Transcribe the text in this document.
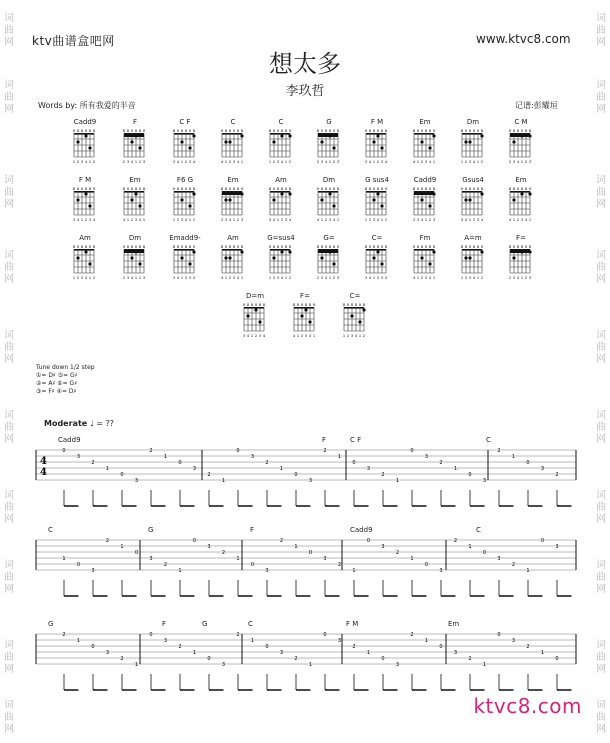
词
曲
网
词
曲
网
词
曲
网
词
曲
网
词
曲
网
词
曲
网
词
曲
网
词
曲
网
词
曲
网
词
曲
网
词
曲
网
词
曲
网
词
曲
网
词
曲
网
词
曲
网
词
曲
网
词
曲
网
词
曲
网
词
曲
网
词
曲
网
ktv曲谱盒吧网	www.ktvc8.com
想太多
李玖哲
Words by: 所有我爱的半音	记谱:彭耀垣
Cadd9
× o o × o o
1 2 3 4 1 2
F
o o × o o ×
2 3 4 1 2 3
C F
o × o o × o
3 4 1 2 3 4
C
× o o × o o
4 1 2 3 4 1
C
o o × o o ×
1 2 3 4 1 2
G
o × o o × o
2 3 4 1 2 3
F M
× o o × o o
3 4 1 2 3 4
Em
o o × o o ×
4 1 2 3 4 1
Dm
o × o o × o
1 2 3 4 1 2
C M
× o o × o o
2 3 4 1 2 3
F M
o o × o o ×
3 4 1 2 3 4
Em
o × o o × o
4 1 2 3 4 1
F6 G
× o o × o o
1 2 3 4 1 2
Em
o o × o o ×
2 3 4 1 2 3
Am
o × o o × o
3 4 1 2 3 4
Dm
× o o × o o
4 1 2 3 4 1
G sus4
o o × o o ×
1 2 3 4 1 2
Cadd9
o × o o × o
2 3 4 1 2 3
Gsus4
× o o × o o
3 4 1 2 3 4
Em
o o × o o ×
4 1 2 3 4 1
Am
o × o o × o
1 2 3 4 1 2
Dm
× o o × o o
2 3 4 1 2 3
Emadd9-
o o × o o ×
3 4 1 2 3 4
Am
o × o o × o
4 1 2 3 4 1
G=sus4
× o o × o o
1 2 3 4 1 2
G=
o o × o o ×
2 3 4 1 2 3
C=
o × o o × o
3 4 1 2 3 4
Fm
× o o × o o
4 1 2 3 4 1
A=m
o o × o o ×
1 2 3 4 1 2
F=
o × o o × o
2 3 4 1 2 3
D=m
× o o × o o
3 4 1 2 3 4
F=
o o × o o ×
4 1 2 3 4 1
C=
o × o o × o
1 2 3 4 1 2
Tune down 1/2 step
①= D♯ ⑤= G♯
②= A♯ ⑥= G♯
③= F♯ ④= D♯
Moderate ♩ = ??
4
4
0
3
2
1
0
3
2
1
0
3
2
1
0
3
2
1
0
3
2
1
0
3
2
1
0
3
2
1
0
3
2
1
0
3
2
Cadd9	F	C F	C
1
0
3
2
1
0
3
2
1
0
3
2
1
0
3
2
1
0
3
2
1
0
3
2
1
0
3
2
1
0
3
2
1
0
3
C	G	F	Cadd9	C
2
1
0
3
2
1
0
3
2
1
0
3
2
1
0
3
2
1
0
3
2
1
0
3
2
1
0
3
2
1
0
3
2
1
0
G	F	G	C	F M	Em
ktvc8.com
